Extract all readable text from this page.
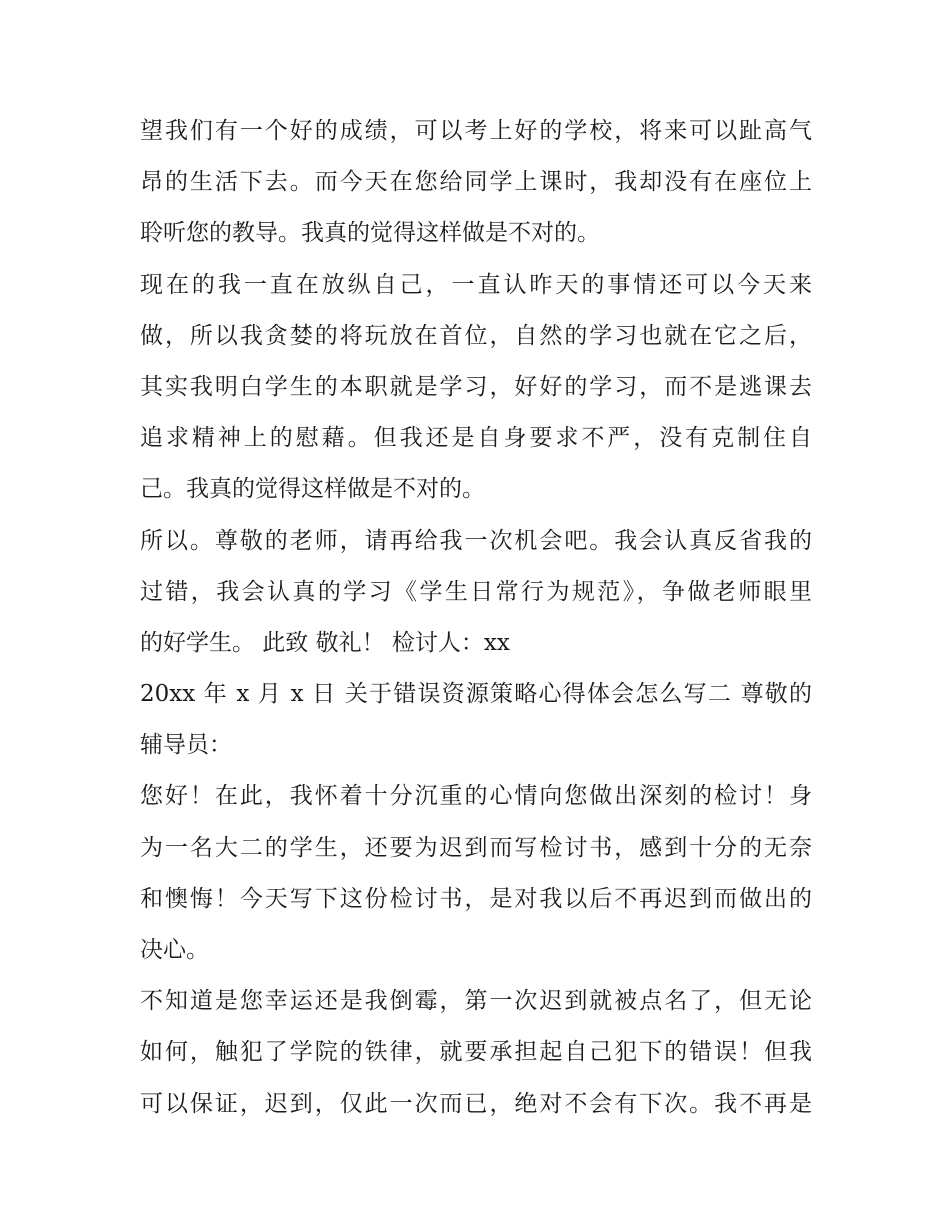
望我们有一个好的成绩，可以考上好的学校，将来可以趾高气
昂的生活下去。而今天在您给同学上课时，我却没有在座位上
聆听您的教导。我真的觉得这样做是不对的。
现在的我一直在放纵自己，一直认昨天的事情还可以今天来
做，所以我贪婪的将玩放在首位，自然的学习也就在它之后，
其实我明白学生的本职就是学习，好好的学习，而不是逃课去
追求精神上的慰藉。但我还是自身要求不严，没有克制住自
己。我真的觉得这样做是不对的。
所以。尊敬的老师，请再给我一次机会吧。我会认真反省我的
过错，我会认真的学习《学生日常行为规范》，争做老师眼里
的好学生。 此致 敬礼！ 检讨人：xx
20xx 年 x 月 x 日 关于错误资源策略心得体会怎么写二 尊敬的
辅导员：
您好！在此，我怀着十分沉重的心情向您做出深刻的检讨！身
为一名大二的学生，还要为迟到而写检讨书，感到十分的无奈
和懊悔！今天写下这份检讨书，是对我以后不再迟到而做出的
决心。
不知道是您幸运还是我倒霉，第一次迟到就被点名了，但无论
如何，触犯了学院的铁律，就要承担起自己犯下的错误！但我
可以保证，迟到，仅此一次而已，绝对不会有下次。我不再是
